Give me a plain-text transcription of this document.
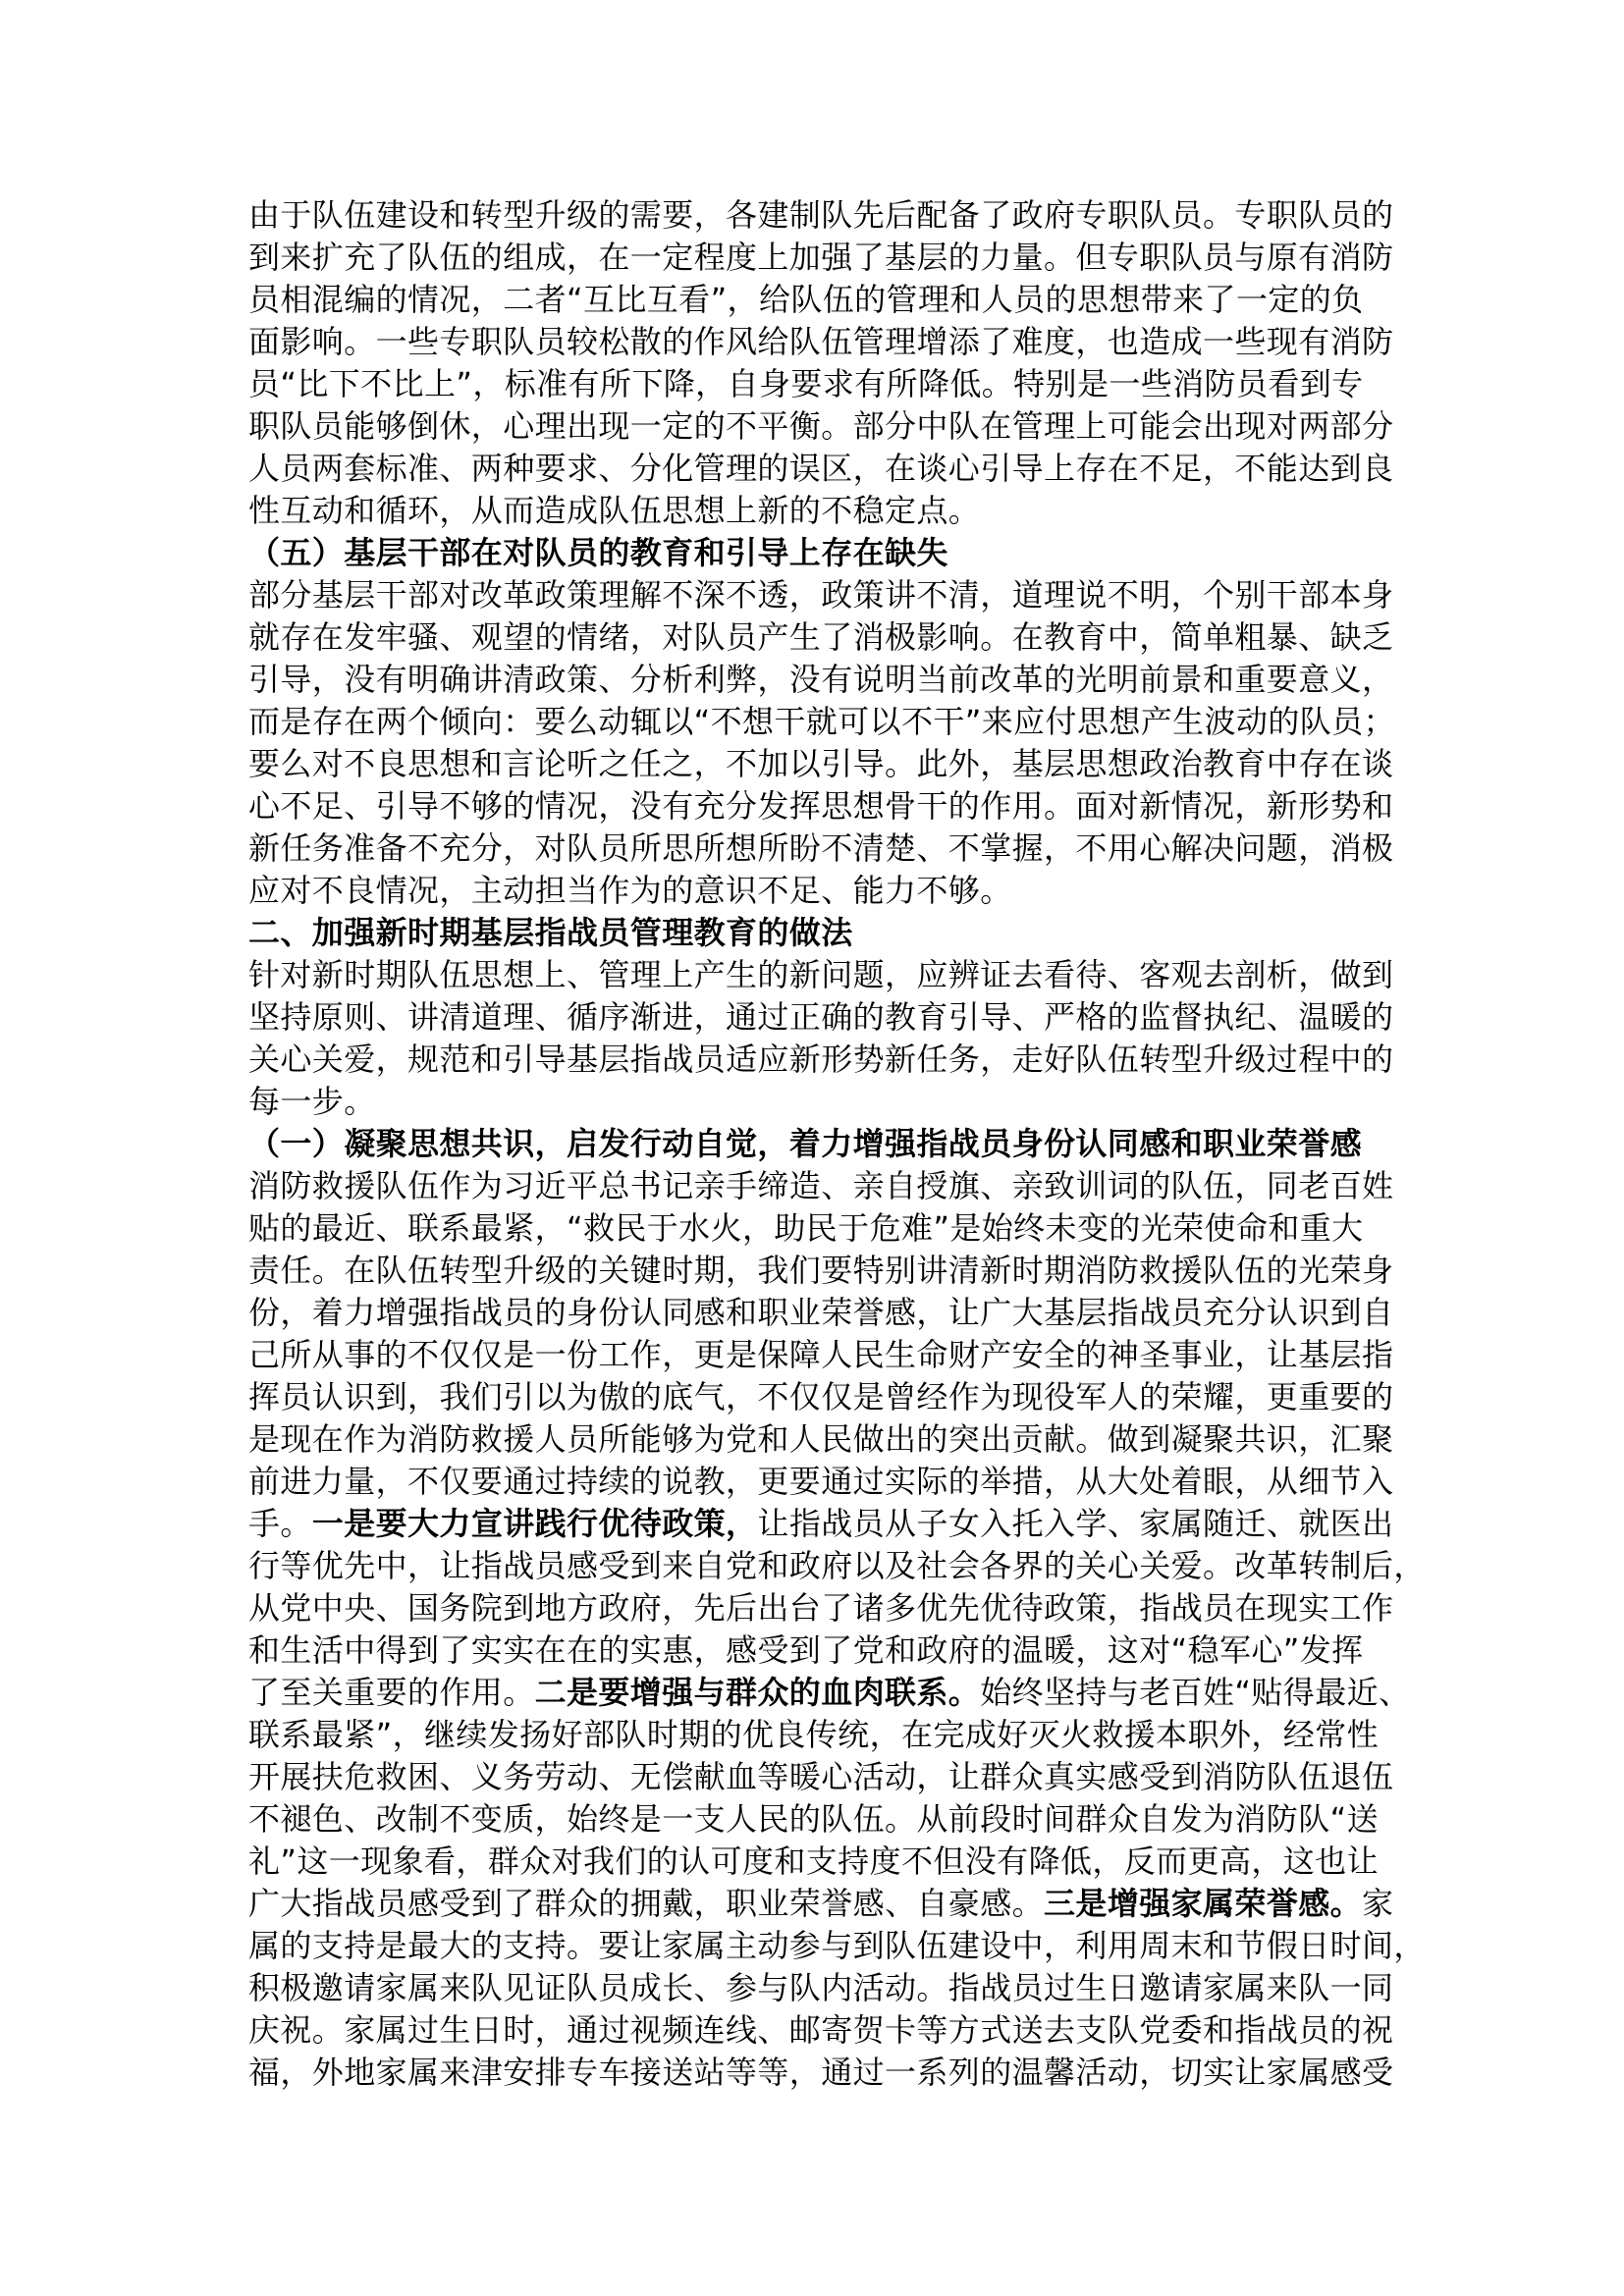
由于队伍建设和转型升级的需要，各建制队先后配备了政府专职队员。专职队员的
到来扩充了队伍的组成，在一定程度上加强了基层的力量。但专职队员与原有消防
员相混编的情况，二者“互比互看”，给队伍的管理和人员的思想带来了一定的负
面影响。一些专职队员较松散的作风给队伍管理增添了难度，也造成一些现有消防
员“比下不比上”，标准有所下降，自身要求有所降低。特别是一些消防员看到专
职队员能够倒休，心理出现一定的不平衡。部分中队在管理上可能会出现对两部分
人员两套标准、两种要求、分化管理的误区，在谈心引导上存在不足，不能达到良
性互动和循环，从而造成队伍思想上新的不稳定点。
（五）基层干部在对队员的教育和引导上存在缺失
部分基层干部对改革政策理解不深不透，政策讲不清，道理说不明，个别干部本身
就存在发牢骚、观望的情绪，对队员产生了消极影响。在教育中，简单粗暴、缺乏
引导，没有明确讲清政策、分析利弊，没有说明当前改革的光明前景和重要意义，
而是存在两个倾向：要么动辄以“不想干就可以不干”来应付思想产生波动的队员；
要么对不良思想和言论听之任之，不加以引导。此外，基层思想政治教育中存在谈
心不足、引导不够的情况，没有充分发挥思想骨干的作用。面对新情况，新形势和
新任务准备不充分，对队员所思所想所盼不清楚、不掌握，不用心解决问题，消极
应对不良情况，主动担当作为的意识不足、能力不够。
二、加强新时期基层指战员管理教育的做法
针对新时期队伍思想上、管理上产生的新问题，应辨证去看待、客观去剖析，做到
坚持原则、讲清道理、循序渐进，通过正确的教育引导、严格的监督执纪、温暖的
关心关爱，规范和引导基层指战员适应新形势新任务，走好队伍转型升级过程中的
每一步。
（一）凝聚思想共识，启发行动自觉，着力增强指战员身份认同感和职业荣誉感
消防救援队伍作为习近平总书记亲手缔造、亲自授旗、亲致训词的队伍，同老百姓
贴的最近、联系最紧，“救民于水火，助民于危难”是始终未变的光荣使命和重大
责任。在队伍转型升级的关键时期，我们要特别讲清新时期消防救援队伍的光荣身
份，着力增强指战员的身份认同感和职业荣誉感，让广大基层指战员充分认识到自
己所从事的不仅仅是一份工作，更是保障人民生命财产安全的神圣事业，让基层指
挥员认识到，我们引以为傲的底气，不仅仅是曾经作为现役军人的荣耀，更重要的
是现在作为消防救援人员所能够为党和人民做出的突出贡献。做到凝聚共识，汇聚
前进力量，不仅要通过持续的说教，更要通过实际的举措，从大处着眼，从细节入
手。一是要大力宣讲践行优待政策，让指战员从子女入托入学、家属随迁、就医出
行等优先中，让指战员感受到来自党和政府以及社会各界的关心关爱。改革转制后，
从党中央、国务院到地方政府，先后出台了诸多优先优待政策，指战员在现实工作
和生活中得到了实实在在的实惠，感受到了党和政府的温暖，这对“稳军心”发挥
了至关重要的作用。二是要增强与群众的血肉联系。始终坚持与老百姓“贴得最近、
联系最紧”，继续发扬好部队时期的优良传统，在完成好灭火救援本职外，经常性
开展扶危救困、义务劳动、无偿献血等暖心活动，让群众真实感受到消防队伍退伍
不褪色、改制不变质，始终是一支人民的队伍。从前段时间群众自发为消防队“送
礼”这一现象看，群众对我们的认可度和支持度不但没有降低，反而更高，这也让
广大指战员感受到了群众的拥戴，职业荣誉感、自豪感。三是增强家属荣誉感。家
属的支持是最大的支持。要让家属主动参与到队伍建设中，利用周末和节假日时间，
积极邀请家属来队见证队员成长、参与队内活动。指战员过生日邀请家属来队一同
庆祝。家属过生日时，通过视频连线、邮寄贺卡等方式送去支队党委和指战员的祝
福，外地家属来津安排专车接送站等等，通过一系列的温馨活动，切实让家属感受
